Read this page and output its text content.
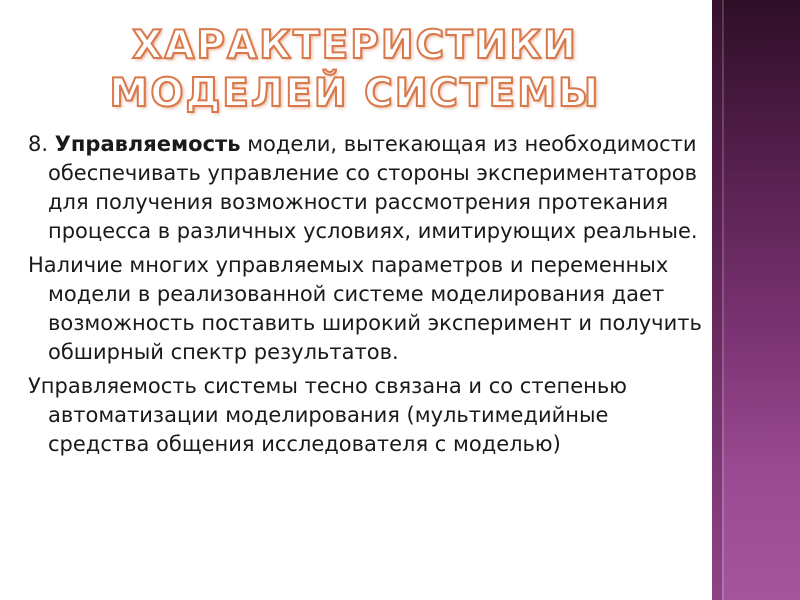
ХАРАКТЕРИСТИКИ МОДЕЛЕЙ СИСТЕМЫ

8. Управляемость модели, вытекающая из необходимости обеспечивать управление со стороны экспериментаторов для получения возможности рассмотрения протекания процесса в различных условиях, имитирующих реальные.

Наличие многих управляемых параметров и переменных модели в реализованной системе моделирования дает возможность поставить широкий эксперимент и получить обширный спектр результатов.

Управляемость системы тесно связана и со степенью автоматизации моделирования (мультимедийные средства общения исследователя с моделью)
